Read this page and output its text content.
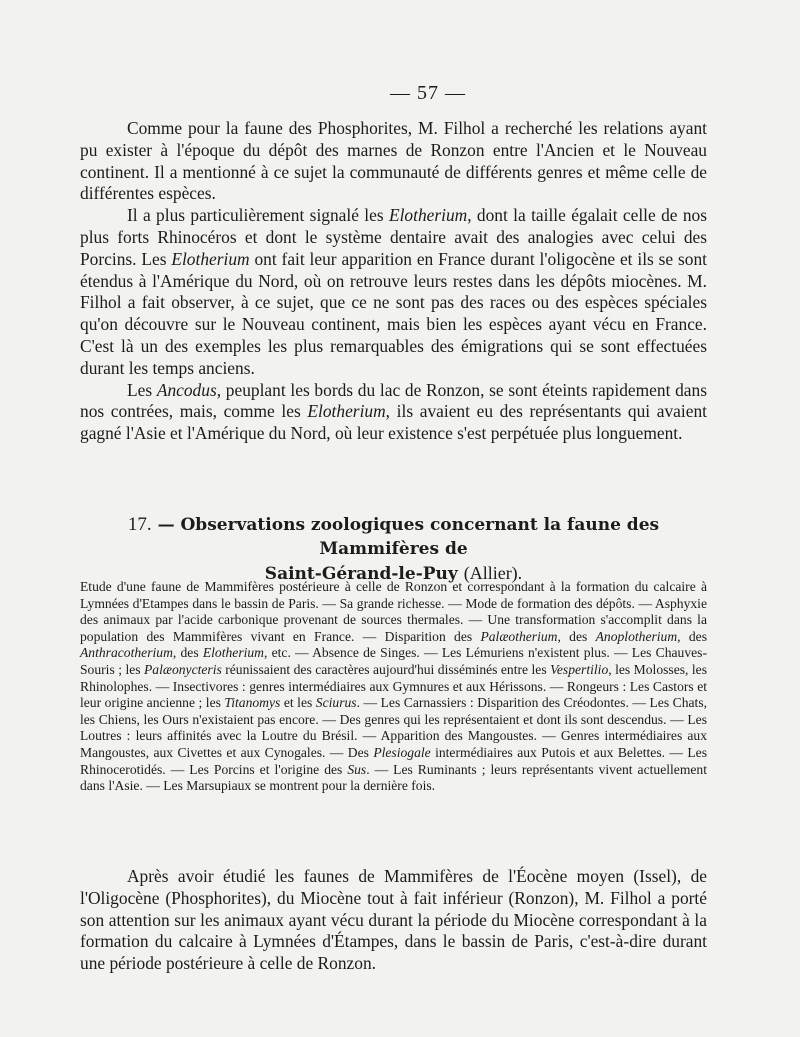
— 57 —

Comme pour la faune des Phosphorites, M. Filhol a recherché les relations ayant pu exister à l'époque du dépôt des marnes de Ronzon entre l'Ancien et le Nouveau continent. Il a mentionné à ce sujet la communauté de différents genres et même celle de différentes espèces.

Il a plus particulièrement signalé les Elotherium, dont la taille égalait celle de nos plus forts Rhinocéros et dont le système dentaire avait des analogies avec celui des Porcins. Les Elotherium ont fait leur apparition en France durant l'oligocène et ils se sont étendus à l'Amérique du Nord, où on retrouve leurs restes dans les dépôts miocènes. M. Filhol a fait observer, à ce sujet, que ce ne sont pas des races ou des espèces spéciales qu'on découvre sur le Nouveau continent, mais bien les espèces ayant vécu en France. C'est là un des exemples les plus remarquables des émigrations qui se sont effectuées durant les temps anciens.

Les Ancodus, peuplant les bords du lac de Ronzon, se sont éteints rapidement dans nos contrées, mais, comme les Elotherium, ils avaient eu des représentants qui avaient gagné l'Asie et l'Amérique du Nord, où leur existence s'est perpétuée plus longuement.

17. — Observations zoologiques concernant la faune des Mammifères de
Saint-Gérand-le-Puy (Allier).

Etude d'une faune de Mammifères postérieure à celle de Ronzon et correspondant à la formation du calcaire à Lymnées d'Etampes dans le bassin de Paris. — Sa grande richesse. — Mode de formation des dépôts. — Asphyxie des animaux par l'acide carbonique provenant de sources thermales. — Une transformation s'accomplit dans la population des Mammifères vivant en France. — Disparition des Palæotherium, des Anoplotherium, des Anthracotherium, des Elotherium, etc. — Absence de Singes. — Les Lémuriens n'existent plus. — Les Chauves-Souris ; les Palæonycteris réunissaient des caractères aujourd'hui disséminés entre les Vespertilio, les Molosses, les Rhinolophes. — Insectivores : genres intermédiaires aux Gymnures et aux Hérissons. — Rongeurs : Les Castors et leur origine ancienne ; les Titanomys et les Sciurus. — Les Carnassiers : Disparition des Créodontes. — Les Chats, les Chiens, les Ours n'existaient pas encore. — Des genres qui les représentaient et dont ils sont descendus. — Les Loutres : leurs affinités avec la Loutre du Brésil. — Apparition des Mangoustes. — Genres intermédiaires aux Mangoustes, aux Civettes et aux Cynogales. — Des Plesiogale intermédiaires aux Putois et aux Belettes. — Les Rhinocerotidés. — Les Porcins et l'origine des Sus. — Les Ruminants ; leurs représentants vivent actuellement dans l'Asie. — Les Marsupiaux se montrent pour la dernière fois.

Après avoir étudié les faunes de Mammifères de l'Éocène moyen (Issel), de l'Oligocène (Phosphorites), du Miocène tout à fait inférieur (Ronzon), M. Filhol a porté son attention sur les animaux ayant vécu durant la période du Miocène correspondant à la formation du calcaire à Lymnées d'Étampes, dans le bassin de Paris, c'est-à-dire durant une période postérieure à celle de Ronzon.
